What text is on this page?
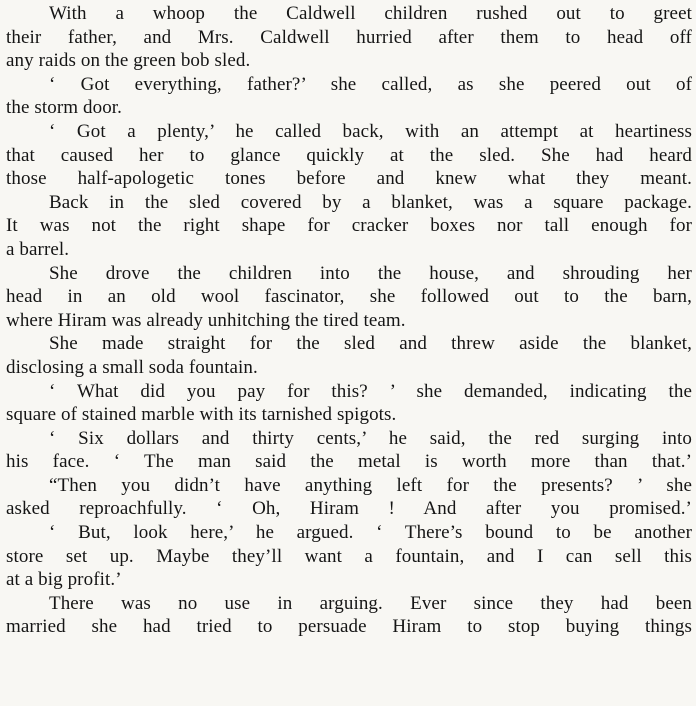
With a whoop the Caldwell children rushed out to greet
their father, and Mrs. Caldwell hurried after them to head off
any raids on the green bob sled.
‘ Got everything, father?’ she called, as she peered out of
the storm door.
‘ Got a plenty,’ he called back, with an attempt at heartiness
that caused her to glance quickly at the sled. She had heard
those half-apologetic tones before and knew what they meant.
Back in the sled covered by a blanket, was a square package.
It was not the right shape for cracker boxes nor tall enough for
a barrel.
She drove the children into the house, and shrouding her
head in an old wool fascinator, she followed out to the barn,
where Hiram was already unhitching the tired team.
She made straight for the sled and threw aside the blanket,
disclosing a small soda fountain.
‘ What did you pay for this? ’ she demanded, indicating the
square of stained marble with its tarnished spigots.
‘ Six dollars and thirty cents,’ he said, the red surging into
his face. ‘ The man said the metal is worth more than that.’
“Then you didn’t have anything left for the presents? ’ she
asked reproachfully. ‘ Oh, Hiram ! And after you promised.’
‘ But, look here,’ he argued. ‘ There’s bound to be another
store set up. Maybe they’ll want a fountain, and I can sell this
at a big profit.’
There was no use in arguing. Ever since they had been
married she had tried to persuade Hiram to stop buying things
